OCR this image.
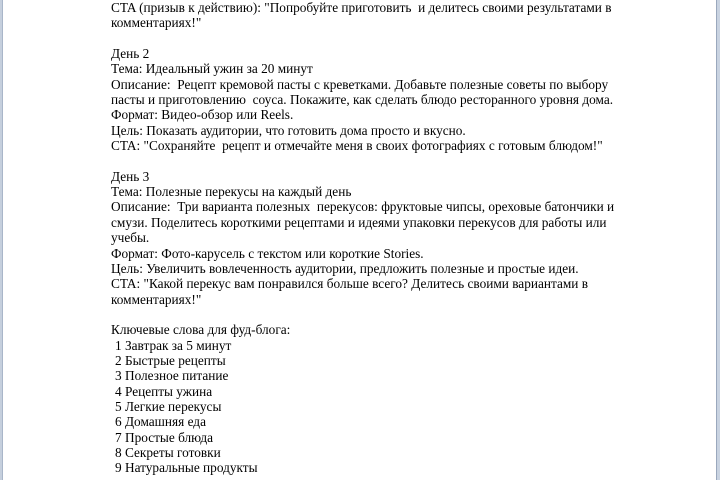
CTA (призыв к действию): "Попробуйте приготовить  и делитесь своими результатами в комментариях!"
День 2
Тема: Идеальный ужин за 20 минут
Описание:  Рецепт кремовой пасты с креветками. Добавьте полезные советы по выбору пасты и приготовлению  соуса. Покажите, как сделать блюдо ресторанного уровня дома.
Формат: Видео-обзор или Reels.
Цель: Показать аудитории, что готовить дома просто и вкусно.
CTA: "Сохраняйте  рецепт и отмечайте меня в своих фотографиях с готовым блюдом!"
День 3
Тема: Полезные перекусы на каждый день
Описание:  Три варианта полезных  перекусов: фруктовые чипсы, ореховые батончики и смузи. Поделитесь короткими рецептами и идеями упаковки перекусов для работы или учебы.
Формат: Фото-карусель с текстом или короткие Stories.
Цель: Увеличить вовлеченность аудитории, предложить полезные и простые идеи.
CTA: "Какой перекус вам понравился больше всего? Делитесь своими вариантами в комментариях!"
Ключевые слова для фуд-блога:
1 Завтрак за 5 минут
2 Быстрые рецепты
3 Полезное питание
4 Рецепты ужина
5 Легкие перекусы
6 Домашняя еда
7 Простые блюда
8 Секреты готовки
9 Натуральные продукты
